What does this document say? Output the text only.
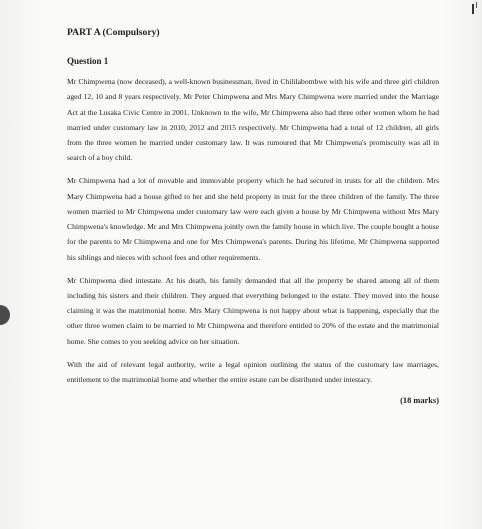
PART A (Compulsory)

Question 1

Mr Chimpwena (now deceased), a well-known businessman, lived in Chililabombwe with his wife and three girl children aged 12, 10 and 8 years respectively. Mr Peter Chimpwena and Mrs Mary Chimpwena were married under the Marriage Act at the Lusaka Civic Centre in 2001. Unknown to the wife, Mr Chimpwena also had three other women whom he had married under customary law in 2010, 2012 and 2015 respectively. Mr Chimpwena had a total of 12 children, all girls from the three women he married under customary law. It was rumoured that Mr Chimpwena's promiscuity was all in search of a boy child.

Mr Chimpwena had a lot of movable and immovable property which he had secured in trusts for all the children. Mrs Mary Chimpwena had a house gifted to her and she held property in trust for the three children of the family. The three women married to Mr Chimpwena under customary law were each given a house by Mr Chimpwena without Mrs Mary Chimpwena's knowledge. Mr and Mrs Chimpwena jointly own the family house in which live. The couple bought a house for the parents to Mr Chimpwena and one for Mrs Chimpwena's parents. During his lifetime, Mr Chimpwena supported his siblings and nieces with school fees and other requirements.

Mr Chimpwena died intestate. At his death, his family demanded that all the property be shared among all of them including his sisters and their children. They argued that everything belonged to the estate. They moved into the house claiming it was the matrimonial home. Mrs Mary Chimpwena is not happy about what is happening, especially that the other three women claim to be married to Mr Chimpwena and therefore entitled to 20% of the estate and the matrimonial home. She comes to you seeking advice on her situation.

With the aid of relevant legal authority, write a legal opinion outlining the status of the customary law marriages, entitlement to the matrimonial home and whether the entire estate can be distributed under intestacy.

(18 marks)
